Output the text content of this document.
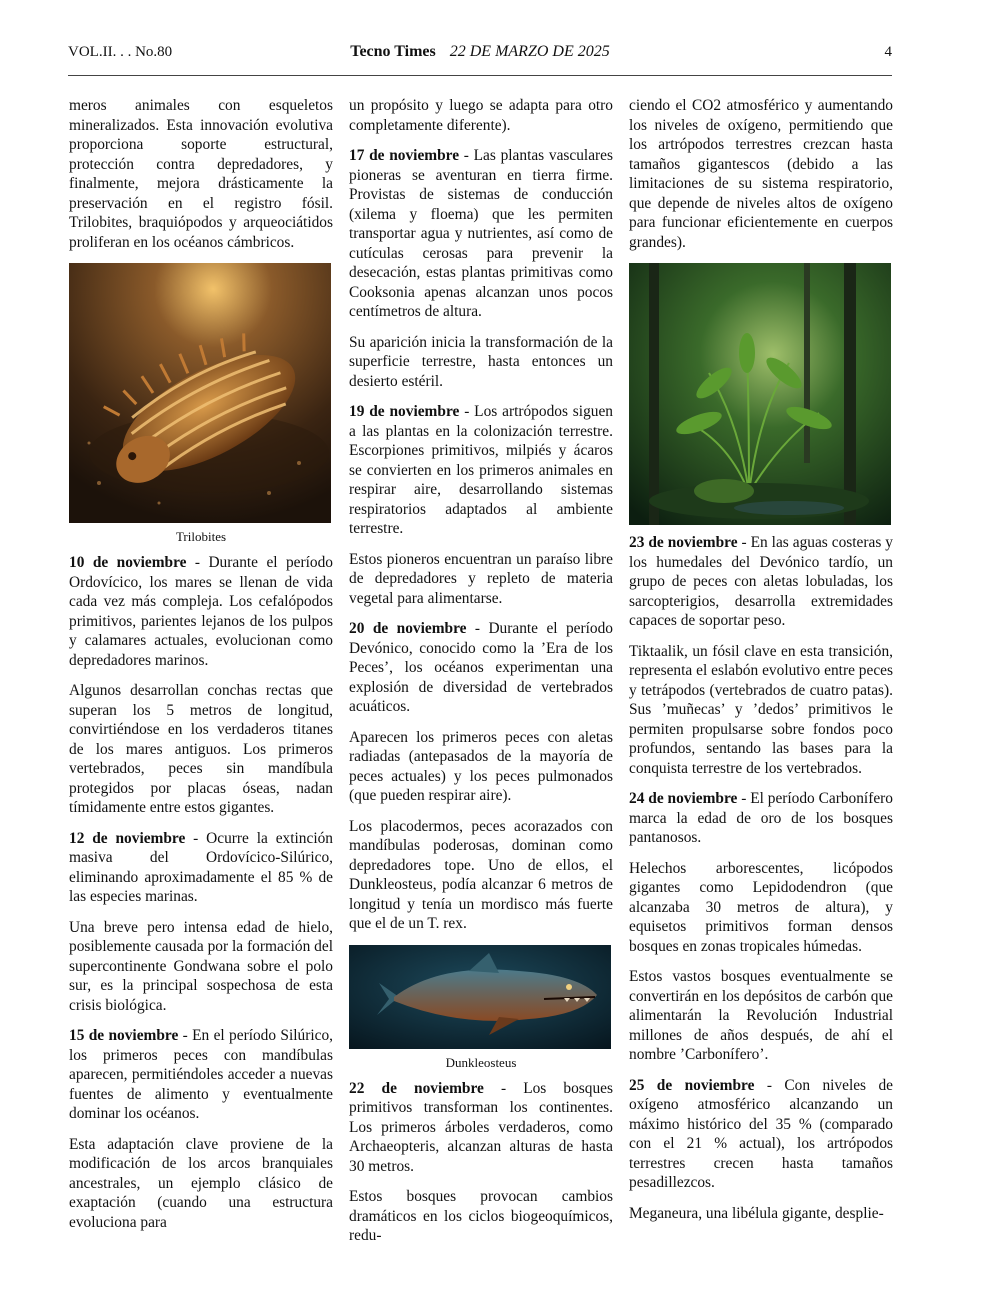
VOL.II. . . No.80	Tecno Times 22 DE MARZO DE 2025	4

meros animales con esqueletos mineralizados. Esta innovación evolutiva proporciona soporte estructural, protección contra depredadores, y finalmente, mejora drásticamente la preservación en el registro fósil. Trilobites, braquiópodos y arqueociátidos proliferan en los océanos cámbricos.

Trilobites

10 de noviembre - Durante el período Ordovícico, los mares se llenan de vida cada vez más compleja. Los cefalópodos primitivos, parientes lejanos de los pulpos y calamares actuales, evolucionan como depredadores marinos.

Algunos desarrollan conchas rectas que superan los 5 metros de longitud, convirtiéndose en los verdaderos titanes de los mares antiguos. Los primeros vertebrados, peces sin mandíbula protegidos por placas óseas, nadan tímidamente entre estos gigantes.

12 de noviembre - Ocurre la extinción masiva del Ordovícico-Silúrico, eliminando aproximadamente el 85 % de las especies marinas.

Una breve pero intensa edad de hielo, posiblemente causada por la formación del supercontinente Gondwana sobre el polo sur, es la principal sospechosa de esta crisis biológica.

15 de noviembre - En el período Silúrico, los primeros peces con mandíbulas aparecen, permitiéndoles acceder a nuevas fuentes de alimento y eventualmente dominar los océanos.

Esta adaptación clave proviene de la modificación de los arcos branquiales ancestrales, un ejemplo clásico de exaptación (cuando una estructura evoluciona para

un propósito y luego se adapta para otro completamente diferente).

17 de noviembre - Las plantas vasculares pioneras se aventuran en tierra firme. Provistas de sistemas de conducción (xilema y floema) que les permiten transportar agua y nutrientes, así como de cutículas cerosas para prevenir la desecación, estas plantas primitivas como Cooksonia apenas alcanzan unos pocos centímetros de altura.

Su aparición inicia la transformación de la superficie terrestre, hasta entonces un desierto estéril.

19 de noviembre - Los artrópodos siguen a las plantas en la colonización terrestre. Escorpiones primitivos, milpiés y ácaros se convierten en los primeros animales en respirar aire, desarrollando sistemas respiratorios adaptados al ambiente terrestre.

Estos pioneros encuentran un paraíso libre de depredadores y repleto de materia vegetal para alimentarse.

20 de noviembre - Durante el período Devónico, conocido como la ’Era de los Peces’, los océanos experimentan una explosión de diversidad de vertebrados acuáticos.

Aparecen los primeros peces con aletas radiadas (antepasados de la mayoría de peces actuales) y los peces pulmonados (que pueden respirar aire).

Los placodermos, peces acorazados con mandíbulas poderosas, dominan como depredadores tope. Uno de ellos, el Dunkleosteus, podía alcanzar 6 metros de longitud y tenía un mordisco más fuerte que el de un T. rex.

Dunkleosteus

22 de noviembre - Los bosques primitivos transforman los continentes. Los primeros árboles verdaderos, como Archaeopteris, alcanzan alturas de hasta 30 metros.

Estos bosques provocan cambios dramáticos en los ciclos biogeoquímicos, redu-

ciendo el CO2 atmosférico y aumentando los niveles de oxígeno, permitiendo que los artrópodos terrestres crezcan hasta tamaños gigantescos (debido a las limitaciones de su sistema respiratorio, que depende de niveles altos de oxígeno para funcionar eficientemente en cuerpos grandes).

23 de noviembre - En las aguas costeras y los humedales del Devónico tardío, un grupo de peces con aletas lobuladas, los sarcopterigios, desarrolla extremidades capaces de soportar peso.

Tiktaalik, un fósil clave en esta transición, representa el eslabón evolutivo entre peces y tetrápodos (vertebrados de cuatro patas). Sus ’muñecas’ y ’dedos’ primitivos le permiten propulsarse sobre fondos poco profundos, sentando las bases para la conquista terrestre de los vertebrados.

24 de noviembre - El período Carbonífero marca la edad de oro de los bosques pantanosos.

Helechos arborescentes, licópodos gigantes como Lepidodendron (que alcanzaba 30 metros de altura), y equisetos primitivos forman densos bosques en zonas tropicales húmedas.

Estos vastos bosques eventualmente se convertirán en los depósitos de carbón que alimentarán la Revolución Industrial millones de años después, de ahí el nombre ’Carbonífero’.

25 de noviembre - Con niveles de oxígeno atmosférico alcanzando un máximo histórico del 35 % (comparado con el 21 % actual), los artrópodos terrestres crecen hasta tamaños pesadillezcos.

Meganeura, una libélula gigante, desplie-
